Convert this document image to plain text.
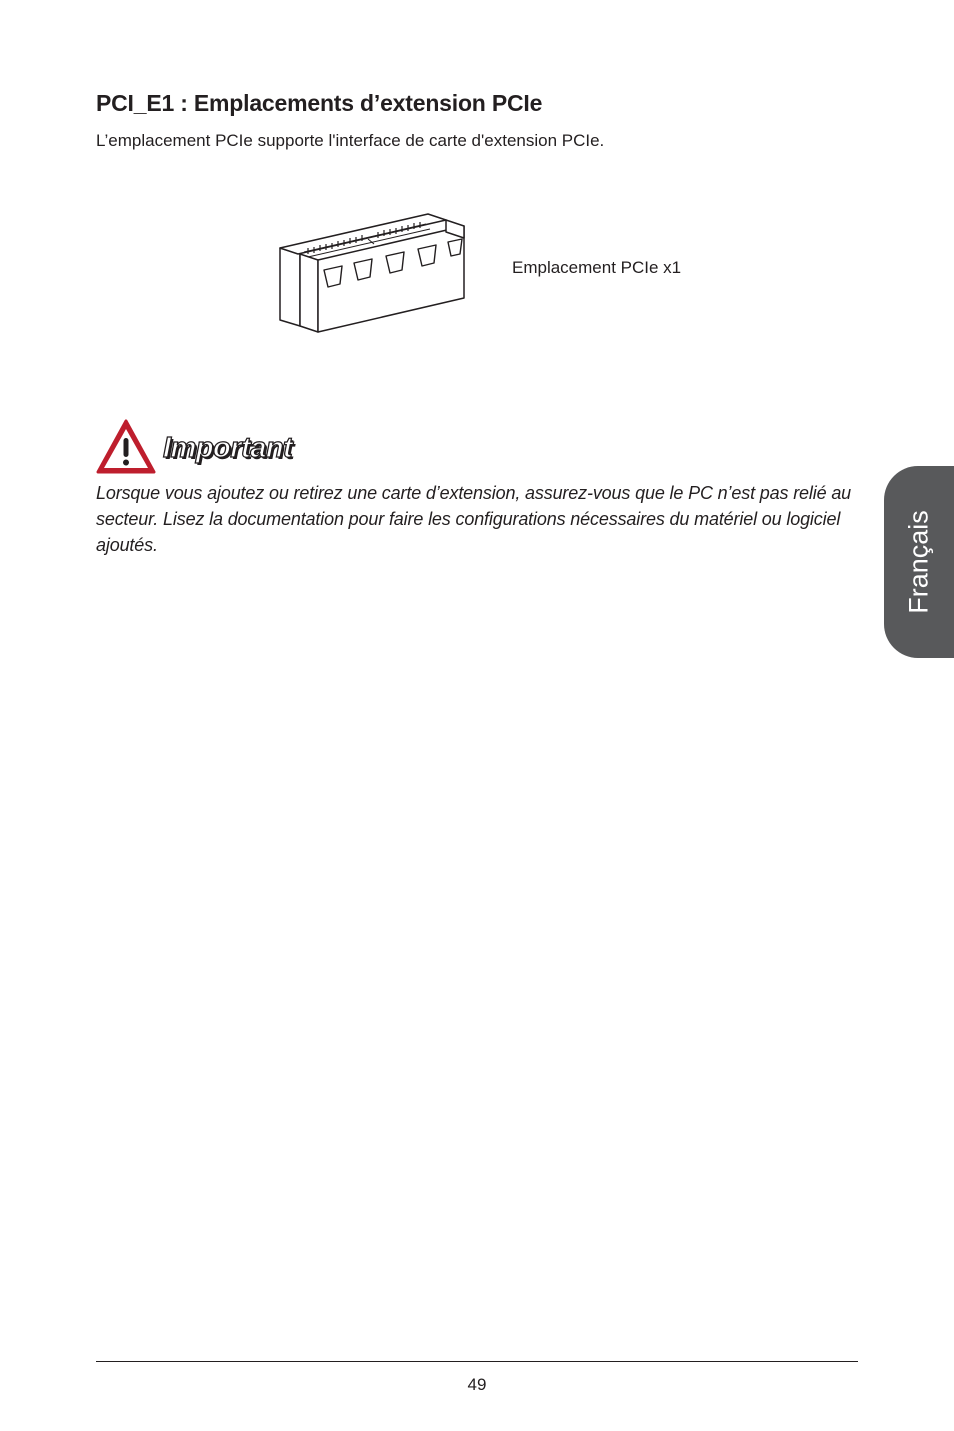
PCI_E1 : Emplacements d’extension PCIe
L’emplacement PCIe supporte l'interface de carte d'extension PCIe.
Emplacement PCIe x1
Important
Lorsque vous ajoutez ou retirez une carte d’extension, assurez-vous que le PC n’est pas relié au secteur. Lisez la documentation pour faire les configurations nécessaires du matériel ou logiciel ajoutés.	Français
49
